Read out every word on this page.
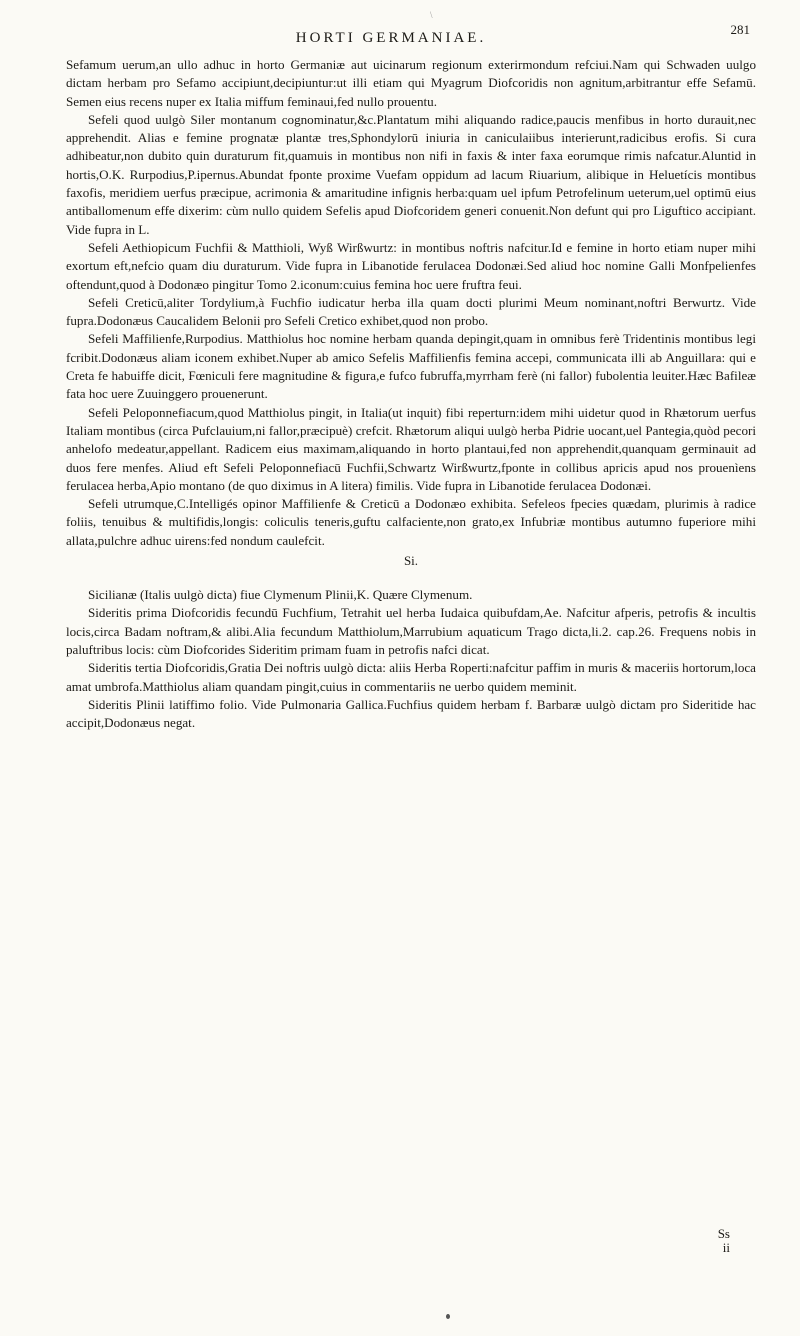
\
HORTI GERMANIAE.
281

Sefamum uerum,an ullo adhuc in horto Germaniæ aut uicinarum regionum exterirmondum refciui.Nam qui Schwaden uulgo dictam herbam pro Sefamo accipiunt,decipiuntur:ut illi etiam qui Myagrum Diofcoridis non agnitum,arbitrantur effe Sefamū. Semen eius recens nuper ex Italia miffum feminaui,fed nullo prouentu.

Sefeli quod uulgò Siler montanum cognominatur,&c.Plantatum mihi aliquando radice,paucis menfibus in horto durauit,nec apprehendit. Alias e femine prognatæ plantæ tres,Sphondylorū iniuria in caniculaiibus interierunt,radicibus erofis. Si cura adhibeatur,non dubito quin duraturum fit,quamuis in montibus non nifi in faxis & inter faxa eorumque rimis nafcatur.Aluntid in hortis,O.K. Rurpodius,P.ipernus.Abundat fponte proxime Vuefam oppidum ad lacum Riuarium, alibique in Heluetícis montibus faxofis, meridiem uerfus præcipue, acrimonia & amaritudine infignis herba:quam uel ipfum Petrofelinum ueterum,uel optimū eius antiballomenum effe dixerim: cùm nullo quidem Sefelis apud Diofcoridem generi conuenit.Non defunt qui pro Liguftico accipiant. Vide fupra in L.

Sefeli Aethiopicum Fuchfii & Matthioli, Wyß Wirßwurtz: in montibus noftris nafcitur.Id e femine in horto etiam nuper mihi exortum eft,nefcio quam diu duraturum. Vide fupra in Libanotide ferulacea Dodonæi.Sed aliud hoc nomine Galli Monfpelienfes oftendunt,quod à Dodonæo pingitur Tomo 2.iconum:cuius femina hoc uere fruftra feui.

Sefeli Creticū,aliter Tordylium,à Fuchfio iudicatur herba illa quam docti plurimi Meum nominant,noftri Berwurtz. Vide fupra.Dodonæus Caucalidem Belonii pro Sefeli Cretico exhibet,quod non probo.

Sefeli Maffilienfe,Rurpodius. Matthiolus hoc nomine herbam quanda depingit,quam in omnibus ferè Tridentinis montibus legi fcribit.Dodonæus aliam iconem exhibet.Nuper ab amico Sefelis Maffilienfis femina accepi, communicata illi ab Anguillara: qui e Creta fe habuiffe dicit, Fœniculi fere magnitudine & figura,e fufco fubruffa,myrrham ferè (ni fallor) fubolentia leuiter.Hæc Bafileæ fata hoc uere Zuuinggero prouenerunt.

Sefeli Peloponnefiacum,quod Matthiolus pingit, in Italia(ut inquit) fibi reperturn:idem mihi uidetur quod in Rhætorum uerfus Italiam montibus (circa Pufclauium,ni fallor,præcipuè) crefcit. Rhætorum aliqui uulgò herba Pidrie uocant,uel Pantegia,quòd pecori anhelofo medeatur,appellant. Radicem eius maximam,aliquando in horto plantaui,fed non apprehendit,quanquam germinauit ad duos fere menfes. Aliud eft Sefeli Peloponnefiacū Fuchfii,Schwartz Wirßwurtz,fponte in collibus apricis apud nos prouenìens ferulacea herba,Apio montano (de quo diximus in A litera) fimilis. Vide fupra in Libanotide ferulacea Dodonæi.

Sefeli utrumque,C.Intelligés opinor Maffilienfe & Creticū a Dodonæo exhibita. Sefeleos fpecies quædam, plurimis à radice foliis, tenuibus & multifidis,longis: coliculis teneris,guftu calfaciente,non grato,ex Infubriæ montibus autumno fuperiore mihi allata,pulchre adhuc uirens:fed nondum caulefcit.

Si.

Sicilianæ (Italis uulgò dicta) fiue Clymenum Plinii,K. Quære Clymenum.

Sideritis prima Diofcoridis fecundū Fuchfium, Tetrahit uel herba Iudaica quibufdam,Ae. Nafcitur afperis, petrofis & incultis locis,circa Badam noftram,& alibi.Alia fecundum Matthiolum,Marrubium aquaticum Trago dicta,li.2. cap.26. Frequens nobis in paluftribus locis: cùm Diofcorides Sideritim primam fuam in petrofis nafci dicat.

Sideritis tertia Diofcoridis,Gratia Dei noftris uulgò dicta: aliis Herba Roperti:nafcitur paffim in muris & maceriis hortorum,loca amat umbrofa.Matthiolus aliam quandam pingit,cuius in commentariis ne uerbo quidem meminit.

Sideritis Plinii latiffimo folio. Vide Pulmonaria Gallica.Fuchfius quidem herbam f. Barbaræ uulgò dictam pro Sideritide hac accipit,Dodonæus negat.

Ss
ii
